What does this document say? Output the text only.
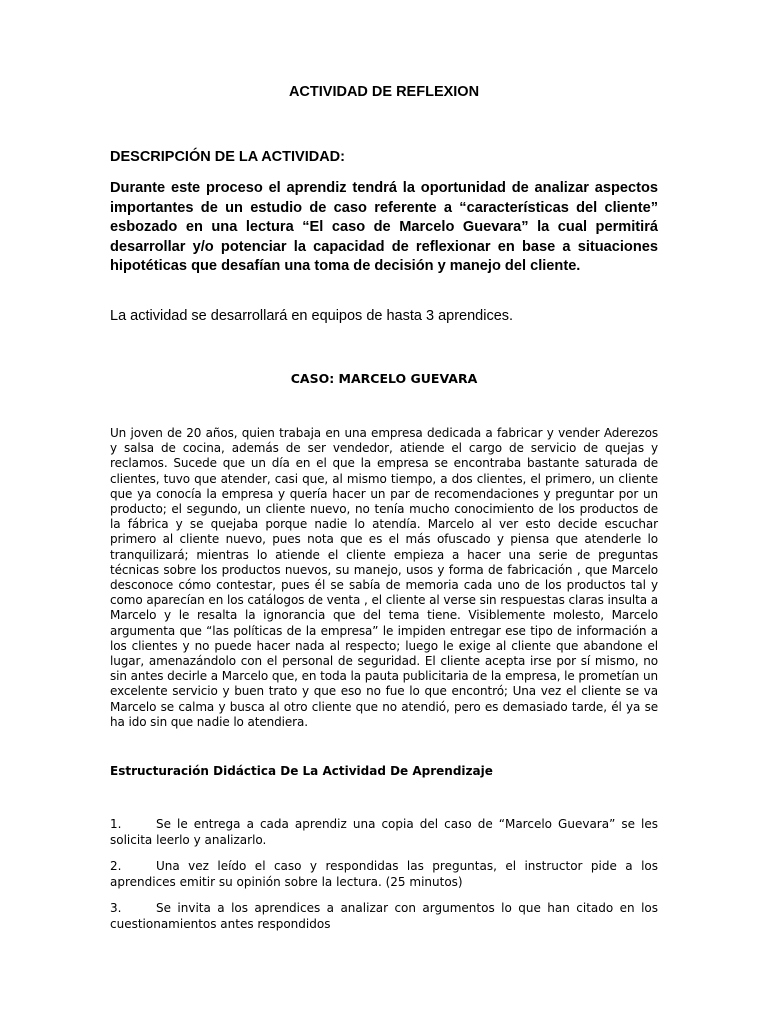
ACTIVIDAD DE REFLEXION
DESCRIPCIÓN DE LA ACTIVIDAD:

Durante este proceso el aprendiz tendrá la oportunidad de analizar aspectos importantes de un estudio de caso referente a “características del cliente” esbozado en una lectura “El caso de Marcelo Guevara” la cual permitirá desarrollar y/o potenciar la capacidad de reflexionar en base a situaciones hipotéticas que desafían una toma de decisión y manejo del cliente.

La actividad se desarrollará en equipos de hasta 3 aprendices.

CASO: MARCELO GUEVARA

Un joven de 20 años, quien trabaja en una empresa dedicada a fabricar y vender Aderezos y salsa de cocina, además de ser vendedor, atiende el cargo de servicio de quejas y reclamos. Sucede que un día en el que la empresa se encontraba bastante saturada de clientes, tuvo que atender, casi que, al mismo tiempo, a dos clientes, el primero, un cliente que ya conocía la empresa y quería hacer un par de recomendaciones y preguntar por un producto; el segundo, un cliente nuevo, no tenía mucho conocimiento de los productos de la fábrica y se quejaba porque nadie lo atendía. Marcelo al ver esto decide escuchar primero al cliente nuevo, pues nota que es el más ofuscado y piensa que atenderle lo tranquilizará; mientras lo atiende el cliente empieza a hacer una serie de preguntas técnicas sobre los productos nuevos, su manejo, usos y forma de fabricación , que Marcelo desconoce cómo contestar, pues él se sabía de memoria cada uno de los productos tal y como aparecían en los catálogos de venta , el cliente al verse sin respuestas claras insulta a Marcelo y le resalta la ignorancia que del tema tiene. Visiblemente molesto, Marcelo argumenta que “las políticas de la empresa” le impiden entregar ese tipo de información a los clientes y no puede hacer nada al respecto; luego le exige al cliente que abandone el lugar, amenazándolo con el personal de seguridad. El cliente acepta irse por sí mismo, no sin antes decirle a Marcelo que, en toda la pauta publicitaria de la empresa, le prometían un excelente servicio y buen trato y que eso no fue lo que encontró; Una vez el cliente se va Marcelo se calma y busca al otro cliente que no atendió, pero es demasiado tarde, él ya se ha ido sin que nadie lo atendiera.

Estructuración Didáctica De La Actividad De Aprendizaje

1.	Se le entrega a cada aprendiz una copia del caso de “Marcelo Guevara” se les solicita leerlo y analizarlo.

2.	Una vez leído el caso y respondidas las preguntas, el instructor pide a los aprendices emitir su opinión sobre la lectura. (25 minutos)

3.	Se invita a los aprendices a analizar con argumentos lo que han citado en los cuestionamientos antes respondidos
